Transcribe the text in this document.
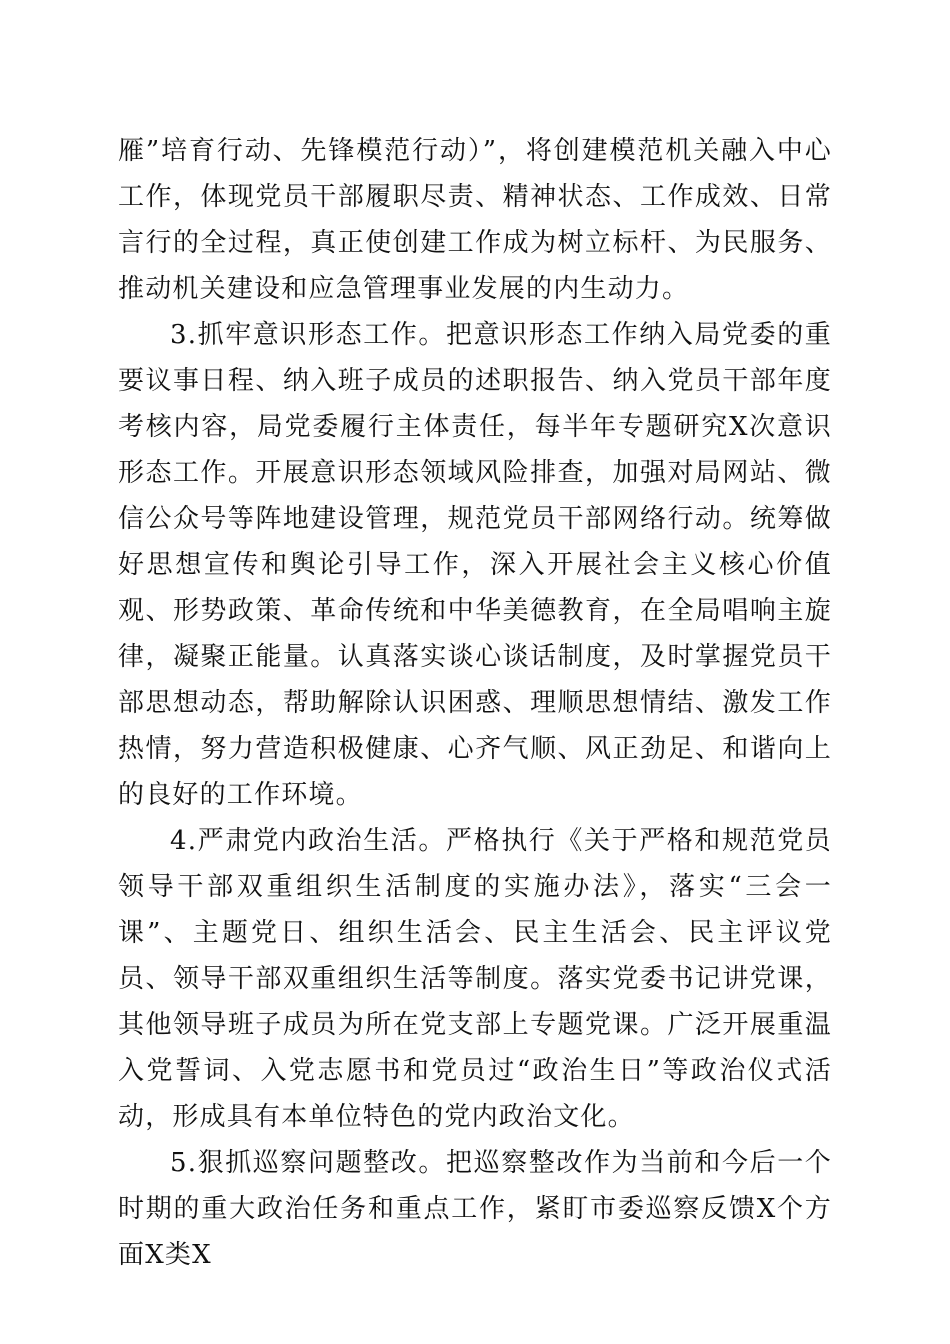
雁”培育行动、先锋模范行动）”，将创建模范机关融入中心工作，体现党员干部履职尽责、精神状态、工作成效、日常言行的全过程，真正使创建工作成为树立标杆、为民服务、推动机关建设和应急管理事业发展的内生动力。

3.抓牢意识形态工作。把意识形态工作纳入局党委的重要议事日程、纳入班子成员的述职报告、纳入党员干部年度考核内容，局党委履行主体责任，每半年专题研究X次意识形态工作。开展意识形态领域风险排查，加强对局网站、微信公众号等阵地建设管理，规范党员干部网络行动。统筹做好思想宣传和舆论引导工作，深入开展社会主义核心价值观、形势政策、革命传统和中华美德教育，在全局唱响主旋律，凝聚正能量。认真落实谈心谈话制度，及时掌握党员干部思想动态，帮助解除认识困惑、理顺思想情结、激发工作热情，努力营造积极健康、心齐气顺、风正劲足、和谐向上的良好的工作环境。

4.严肃党内政治生活。严格执行《关于严格和规范党员领导干部双重组织生活制度的实施办法》，落实“三会一课”、主题党日、组织生活会、民主生活会、民主评议党员、领导干部双重组织生活等制度。落实党委书记讲党课，其他领导班子成员为所在党支部上专题党课。广泛开展重温入党誓词、入党志愿书和党员过“政治生日”等政治仪式活动，形成具有本单位特色的党内政治文化。

5.狠抓巡察问题整改。把巡察整改作为当前和今后一个时期的重大政治任务和重点工作，紧盯市委巡察反馈X个方面X类X
